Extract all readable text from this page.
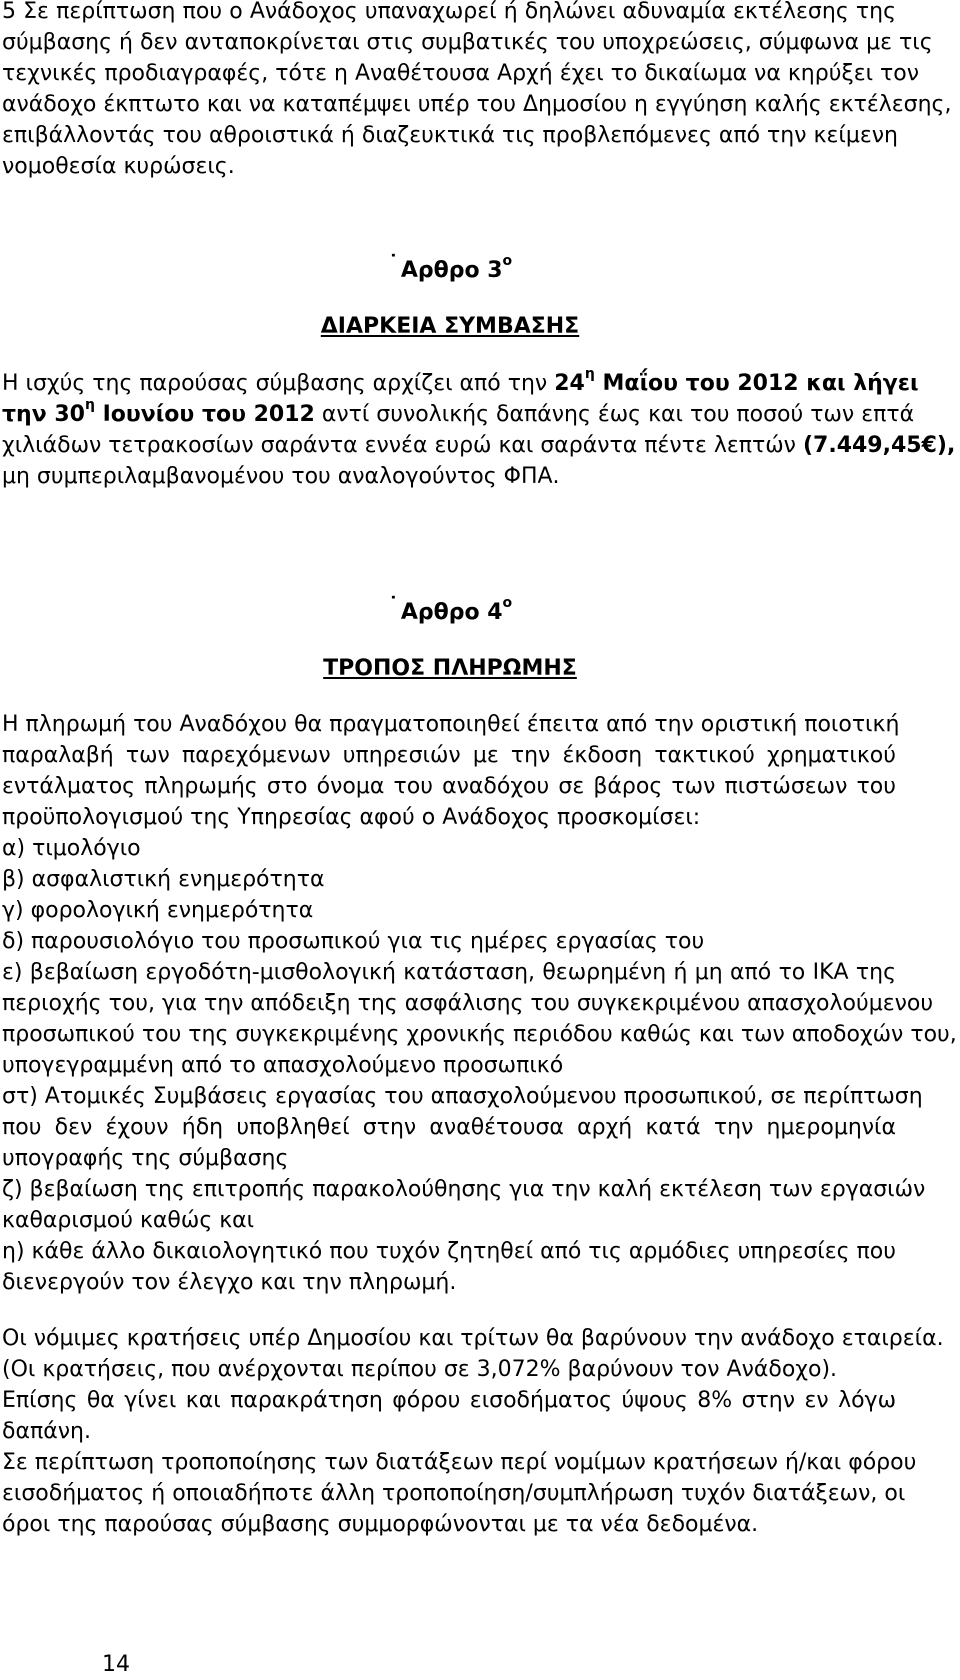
5 Σε περίπτωση που ο Ανάδοχος υπαναχωρεί ή δηλώνει αδυναμία εκτέλεσης της
σύμβασης ή δεν ανταποκρίνεται στις συμβατικές του υποχρεώσεις, σύμφωνα με τις
τεχνικές προδιαγραφές, τότε η Αναθέτουσα Αρχή έχει το δικαίωμα να κηρύξει τον
ανάδοχο έκπτωτο και να καταπέμψει υπέρ του Δημοσίου η εγγύηση καλής εκτέλεσης,
επιβάλλοντάς του αθροιστικά ή διαζευκτικά τις προβλεπόμενες από την κείμενη
νομοθεσία κυρώσεις.
˙Αρθρο $3^o$
ΔΙΑΡΚΕΙΑ ΣΥΜΒΑΣΗΣ
Η ισχύς της παρούσας σύμβασης αρχίζει από την $24^\eta$ Μαΐου του 2012 και λήγει
την $30^\eta$ Ιουνίου του 2012 αντί συνολικής δαπάνης έως και του ποσού των επτά
χιλιάδων τετρακοσίων σαράντα εννέα ευρώ και σαράντα πέντε λεπτών (7.449,45€),
μη συμπεριλαμβανομένου του αναλογούντος ΦΠΑ.
˙Αρθρο $4^o$
ΤΡΟΠΟΣ ΠΛΗΡΩΜΗΣ
Η πληρωμή του Αναδόχου θα πραγματοποιηθεί έπειτα από την οριστική ποιοτική
παραλαβή των παρεχόμενων υπηρεσιών με την έκδοση τακτικού χρηματικού
εντάλματος πληρωμής στο όνομα του αναδόχου σε βάρος των πιστώσεων του
προϋπολογισμού της Υπηρεσίας αφού ο Ανάδοχος προσκομίσει:
α) τιμολόγιο
β) ασφαλιστική ενημερότητα
γ) φορολογική ενημερότητα
δ) παρουσιολόγιο του προσωπικού για τις ημέρες εργασίας του
ε) βεβαίωση εργοδότη-μισθολογική κατάσταση, θεωρημένη ή μη από το ΙΚΑ της
περιοχής του, για την απόδειξη της ασφάλισης του συγκεκριμένου απασχολούμενου
προσωπικού του της συγκεκριμένης χρονικής περιόδου καθώς και των αποδοχών του,
υπογεγραμμένη από το απασχολούμενο προσωπικό
στ) Ατομικές Συμβάσεις εργασίας του απασχολούμενου προσωπικού, σε περίπτωση
που δεν έχουν ήδη υποβληθεί στην αναθέτουσα αρχή κατά την ημερομηνία
υπογραφής της σύμβασης
ζ) βεβαίωση της επιτροπής παρακολούθησης για την καλή εκτέλεση των εργασιών
καθαρισμού καθώς και
η) κάθε άλλο δικαιολογητικό που τυχόν ζητηθεί από τις αρμόδιες υπηρεσίες που
διενεργούν τον έλεγχο και την πληρωμή.
Οι νόμιμες κρατήσεις υπέρ Δημοσίου και τρίτων θα βαρύνουν την ανάδοχο εταιρεία.
(Οι κρατήσεις, που ανέρχονται περίπου σε 3,072% βαρύνουν τον Ανάδοχο).
Επίσης θα γίνει και παρακράτηση φόρου εισοδήματος ύψους 8% στην εν λόγω
δαπάνη.
Σε περίπτωση τροποποίησης των διατάξεων περί νομίμων κρατήσεων ή/και φόρου
εισοδήματος ή οποιαδήποτε άλλη τροποποίηση/συμπλήρωση τυχόν διατάξεων, οι
όροι της παρούσας σύμβασης συμμορφώνονται με τα νέα δεδομένα.
14
